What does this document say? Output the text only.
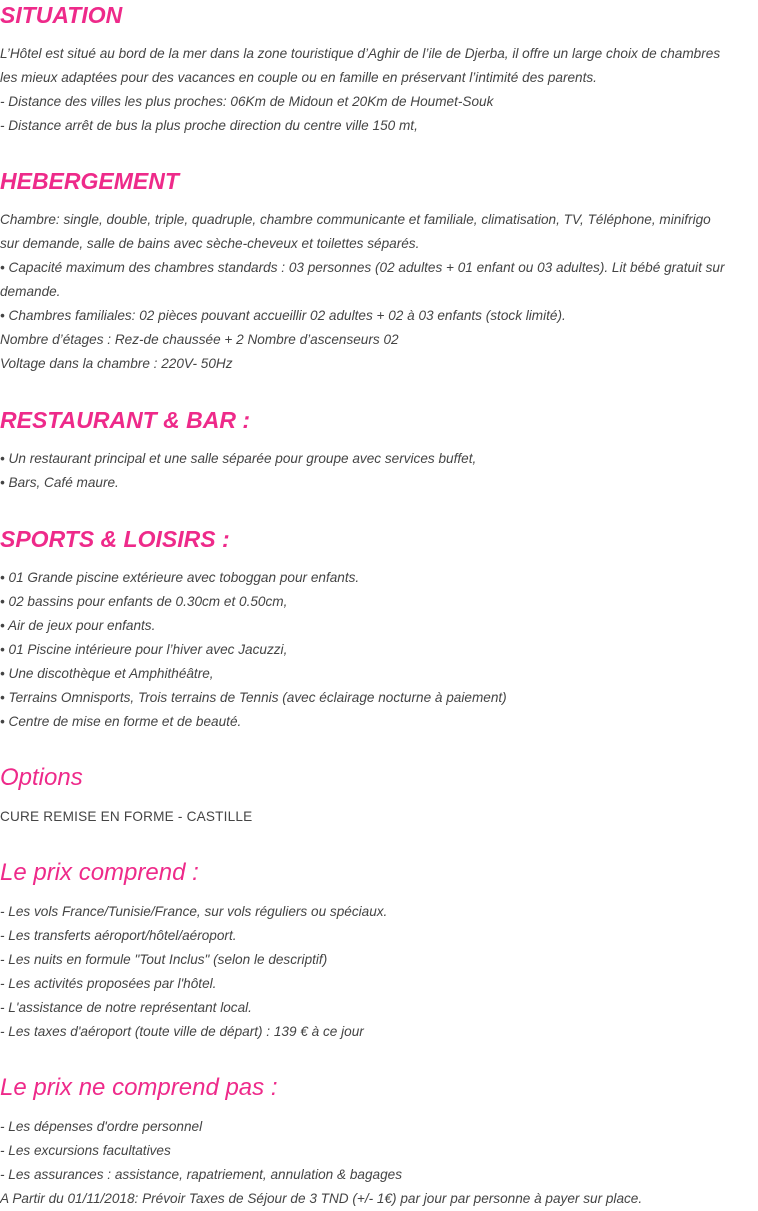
SITUATION
L’Hôtel est situé au bord de la mer dans la zone touristique d’Aghir de l’ile de Djerba, il offre un large choix de chambres
les mieux adaptées pour des vacances en couple ou en famille en préservant l’intimité des parents.
- Distance des villes les plus proches: 06Km de Midoun et 20Km de Houmet-Souk
- Distance arrêt de bus la plus proche direction du centre ville 150 mt,
HEBERGEMENT
Chambre: single, double, triple, quadruple, chambre communicante et familiale, climatisation, TV, Téléphone, minifrigo
sur demande, salle de bains avec sèche-cheveux et toilettes séparés.
• Capacité maximum des chambres standards : 03 personnes (02 adultes + 01 enfant ou 03 adultes). Lit bébé gratuit sur
demande.
• Chambres familiales: 02 pièces pouvant accueillir 02 adultes + 02 à 03 enfants (stock limité).
Nombre d’étages : Rez-de chaussée + 2 Nombre d’ascenseurs 02
Voltage dans la chambre : 220V- 50Hz
RESTAURANT & BAR :
• Un restaurant principal et une salle séparée pour groupe avec services buffet,
• Bars, Café maure.
SPORTS & LOISIRS :
• 01 Grande piscine extérieure avec toboggan pour enfants.
• 02 bassins pour enfants de 0.30cm et 0.50cm,
• Air de jeux pour enfants.
• 01 Piscine intérieure pour l’hiver avec Jacuzzi,
• Une discothèque et Amphithéâtre,
• Terrains Omnisports, Trois terrains de Tennis (avec éclairage nocturne à paiement)
• Centre de mise en forme et de beauté.
Options
CURE REMISE EN FORME - CASTILLE
Le prix comprend :
- Les vols France/Tunisie/France, sur vols réguliers ou spéciaux.
- Les transferts aéroport/hôtel/aéroport.
- Les nuits en formule "Tout Inclus" (selon le descriptif)
- Les activités proposées par l'hôtel.
- L'assistance de notre représentant local.
- Les taxes d'aéroport (toute ville de départ) : 139 € à ce jour
Le prix ne comprend pas :
- Les dépenses d'ordre personnel
- Les excursions facultatives
- Les assurances : assistance, rapatriement, annulation & bagages
A Partir du 01/11/2018: Prévoir Taxes de Séjour de 3 TND (+/- 1€) par jour par personne à payer sur place.
